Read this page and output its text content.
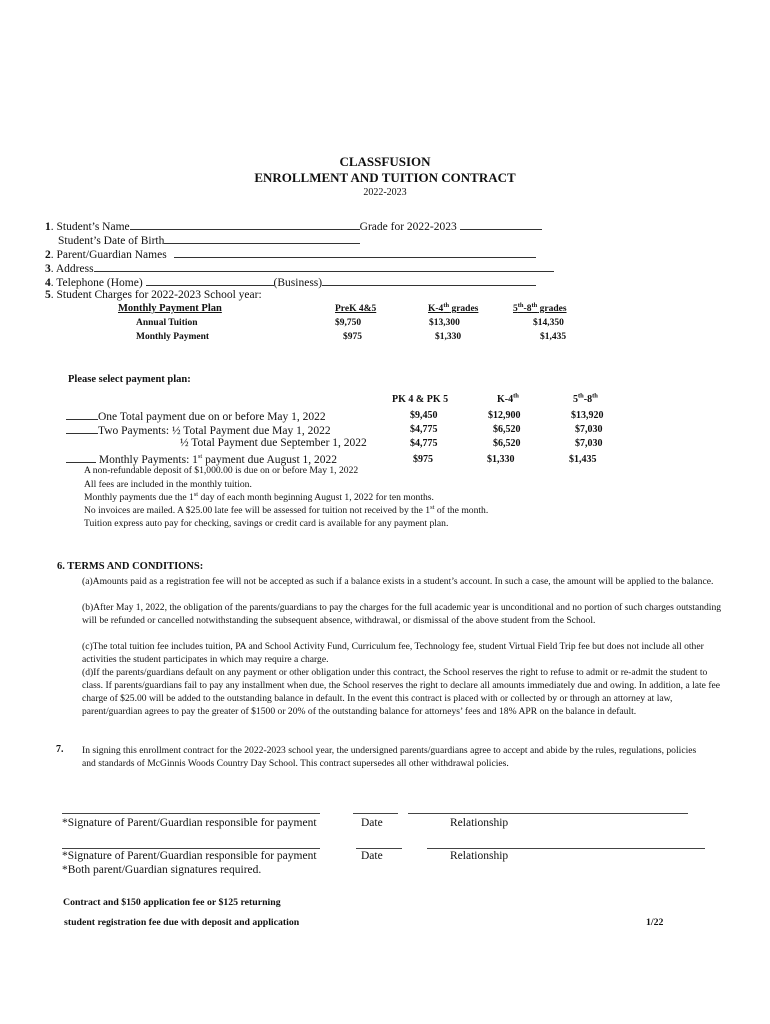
CLASSFUSION
ENROLLMENT AND TUITION CONTRACT
2022-2023
1. Student’s Name	Grade for 2022-2023
Student’s Date of Birth
2. Parent/Guardian Names
3. Address
4. Telephone (Home)	(Business)
5. Student Charges for 2022-2023 School year:
Monthly Payment Plan	PreK 4&5	K-4th grades	5th-8th grades
Annual Tuition	$9,750	$13,300	$14,350
Monthly Payment	$975	$1,330	$1,435
Please select payment plan:
PK 4 & PK 5	K-4th	5th-8th
One Total payment due on or before May 1, 2022	$9,450	$12,900	$13,920
Two Payments: ½ Total Payment due May 1, 2022	$4,775	$6,520	$7,030
½ Total Payment due September 1, 2022	$4,775	$6,520	$7,030
Monthly Payments: 1st payment due August 1, 2022	$975	$1,330	$1,435
A non-refundable deposit of $1,000.00 is due on or before May 1, 2022
All fees are included in the monthly tuition.
Monthly payments due the 1st day of each month beginning August 1, 2022 for ten months.
No invoices are mailed. A $25.00 late fee will be assessed for tuition not received by the 1st of the month.
Tuition express auto pay for checking, savings or credit card is available for any payment plan.
6. TERMS AND CONDITIONS:
(a)Amounts paid as a registration fee will not be accepted as such if a balance exists in a student’s account. In such a case, the amount will be applied to the balance.
(b)After May 1, 2022, the obligation of the parents/guardians to pay the charges for the full academic year is unconditional and no portion of such charges outstanding will be refunded or cancelled notwithstanding the subsequent absence, withdrawal, or dismissal of the above student from the School.
(c)The total tuition fee includes tuition, PA and School Activity Fund, Curriculum fee, Technology fee, student Virtual Field Trip fee but does not include all other activities the student participates in which may require a charge.
(d)If the parents/guardians default on any payment or other obligation under this contract, the School reserves the right to refuse to admit or re-admit the student to class. If parents/guardians fail to pay any installment when due, the School reserves the right to declare all amounts immediately due and owing. In addition, a late fee charge of $25.00 will be added to the outstanding balance in default. In the event this contract is placed with or collected by or through an attorney at law, parent/guardian agrees to pay the greater of $1500 or 20% of the outstanding balance for attorneys’ fees and 18% APR on the balance in default.
7. In signing this enrollment contract for the 2022-2023 school year, the undersigned parents/guardians agree to accept and abide by the rules, regulations, policies and standards of McGinnis Woods Country Day School. This contract supersedes all other withdrawal policies.
*Signature of Parent/Guardian responsible for payment	Date	Relationship
*Signature of Parent/Guardian responsible for payment	Date	Relationship
*Both parent/Guardian signatures required.
Contract and $150 application fee or $125 returning
student registration fee due with deposit and application	1/22
